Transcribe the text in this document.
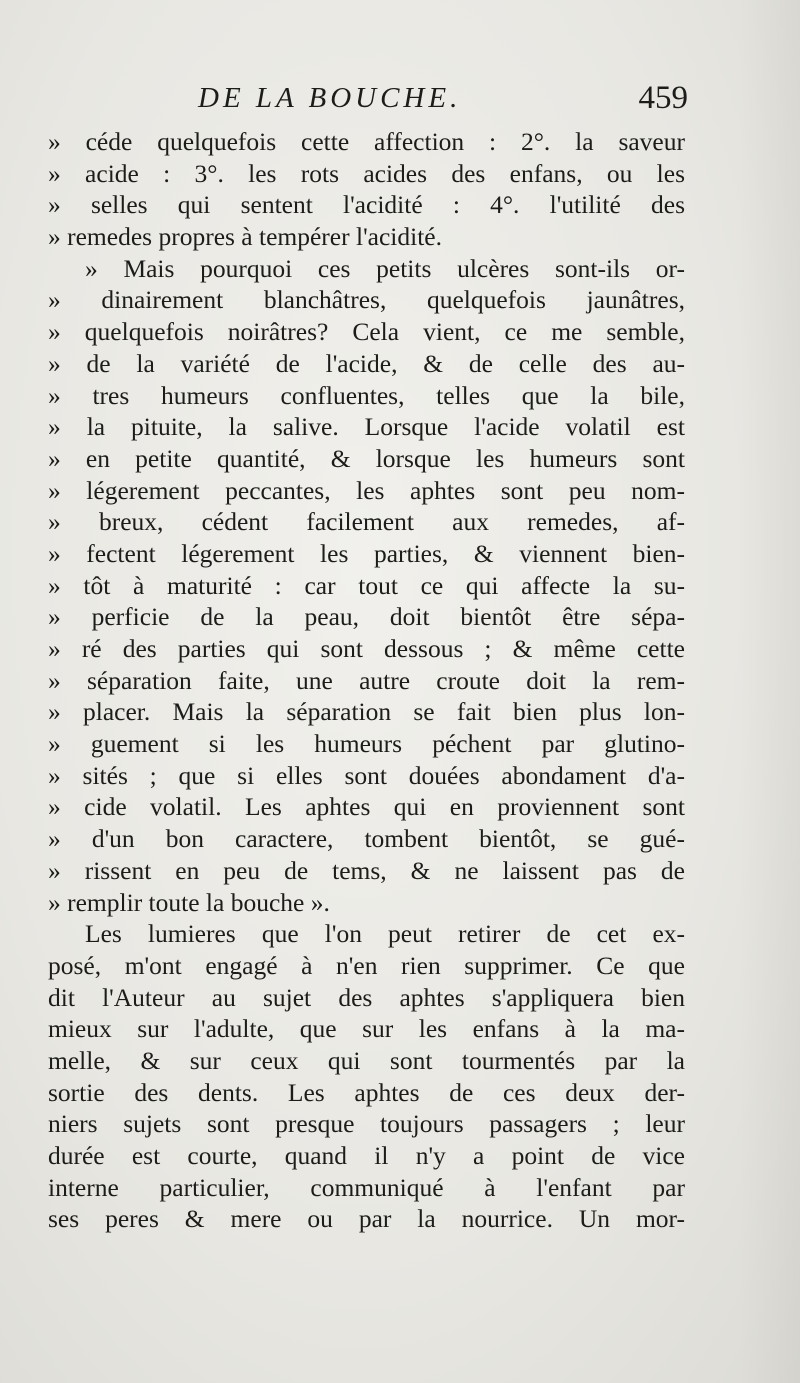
DE LA BOUCHE.	459
» céde quelquefois cette affection : 2°. la saveur
» acide : 3°. les rots acides des enfans, ou les
» selles qui sentent l'acidité : 4°. l'utilité des
» remedes propres à tempérer l'acidité.
» Mais pourquoi ces petits ulcères sont-ils or-
» dinairement blanchâtres, quelquefois jaunâtres,
» quelquefois noirâtres? Cela vient, ce me semble,
» de la variété de l'acide, & de celle des au-
» tres humeurs confluentes, telles que la bile,
» la pituite, la salive. Lorsque l'acide volatil est
» en petite quantité, & lorsque les humeurs sont
» légerement peccantes, les aphtes sont peu nom-
» breux, cédent facilement aux remedes, af-
» fectent légerement les parties, & viennent bien-
» tôt à maturité : car tout ce qui affecte la su-
» perficie de la peau, doit bientôt être sépa-
» ré des parties qui sont dessous ; & même cette
» séparation faite, une autre croute doit la rem-
» placer. Mais la séparation se fait bien plus lon-
» guement si les humeurs péchent par glutino-
» sités ; que si elles sont douées abondament d'a-
» cide volatil. Les aphtes qui en proviennent sont
» d'un bon caractere, tombent bientôt, se gué-
» rissent en peu de tems, & ne laissent pas de
» remplir toute la bouche ».
Les lumieres que l'on peut retirer de cet ex-
posé, m'ont engagé à n'en rien supprimer. Ce que
dit l'Auteur au sujet des aphtes s'appliquera bien
mieux sur l'adulte, que sur les enfans à la ma-
melle, & sur ceux qui sont tourmentés par la
sortie des dents. Les aphtes de ces deux der-
niers sujets sont presque toujours passagers ; leur
durée est courte, quand il n'y a point de vice
interne particulier, communiqué à l'enfant par
ses peres & mere ou par la nourrice. Un mor-
